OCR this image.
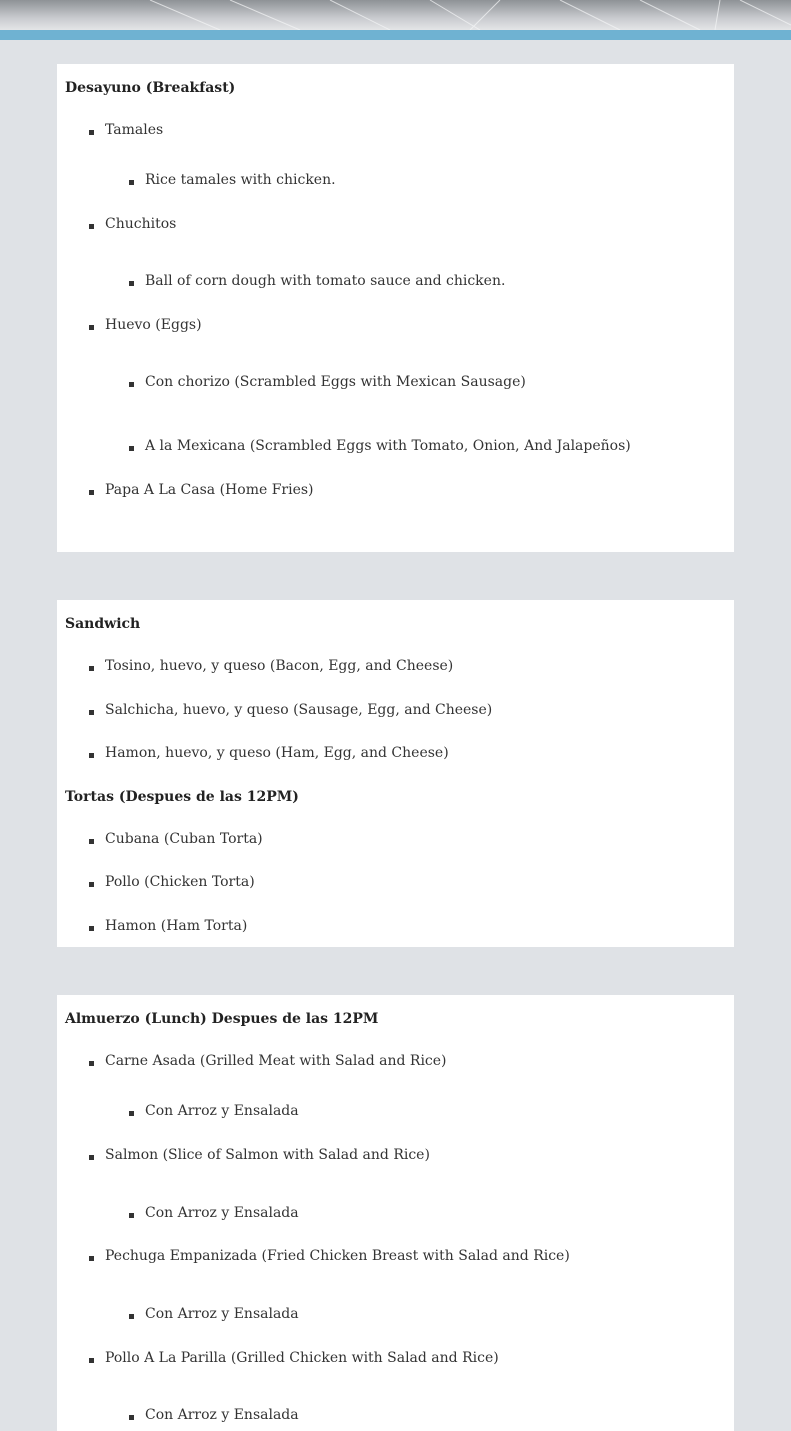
Desayuno (Breakfast)
Tamales
Rice tamales with chicken.
Chuchitos
Ball of corn dough with tomato sauce and chicken.
Huevo (Eggs)
Con chorizo (Scrambled Eggs with Mexican Sausage)
A la Mexicana (Scrambled Eggs with Tomato, Onion, And Jalapeños)
Papa A La Casa (Home Fries)
Sandwich
Tosino, huevo, y queso (Bacon, Egg, and Cheese)
Salchicha, huevo, y queso (Sausage, Egg, and Cheese)
Hamon, huevo, y queso (Ham, Egg, and Cheese)
Tortas (Despues de las 12PM)
Cubana (Cuban Torta)
Pollo (Chicken Torta)
Hamon (Ham Torta)
Almuerzo (Lunch) Despues de las 12PM
Carne Asada (Grilled Meat with Salad and Rice)
Con Arroz y Ensalada
Salmon (Slice of Salmon with Salad and Rice)
Con Arroz y Ensalada
Pechuga Empanizada (Fried Chicken Breast with Salad and Rice)
Con Arroz y Ensalada
Pollo A La Parilla (Grilled Chicken with Salad and Rice)
Con Arroz y Ensalada
